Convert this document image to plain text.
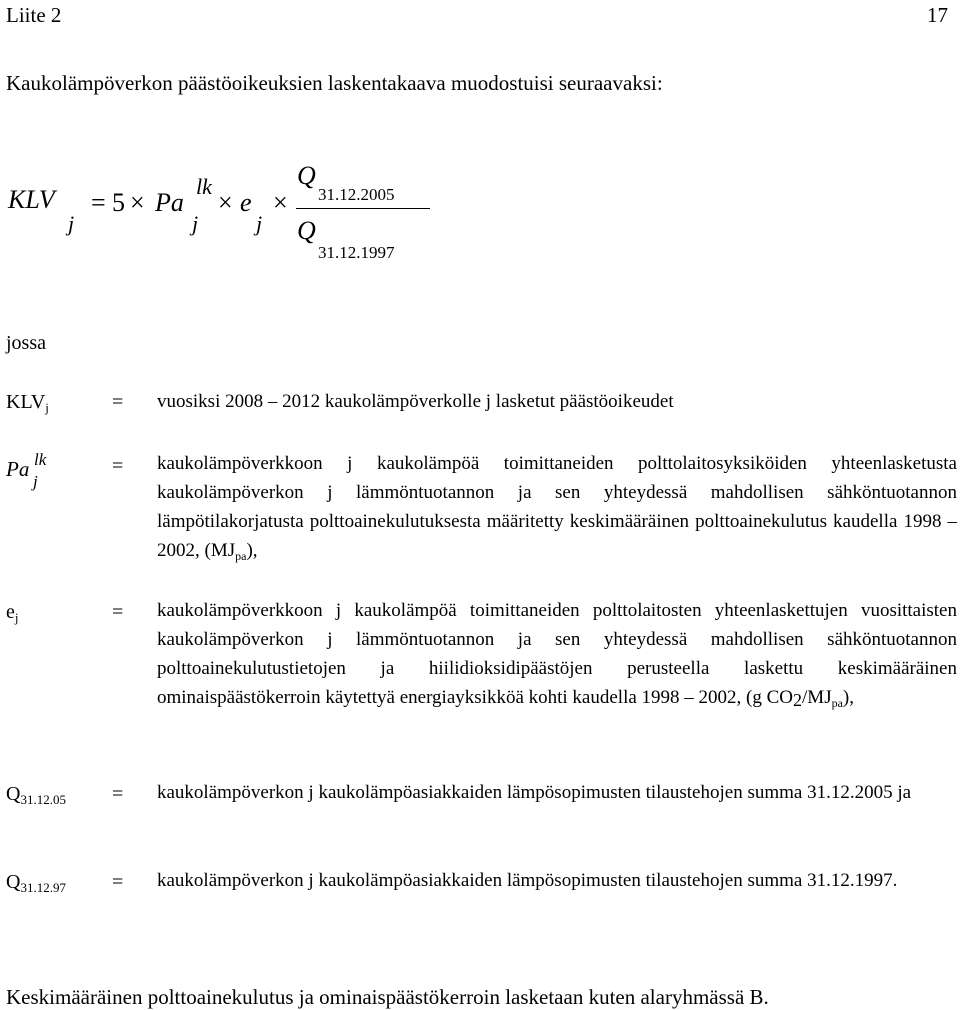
Liite 2	17
Kaukolämpöverkon päästöoikeuksien laskentakaava muodostuisi seuraavaksi:
KLV
j
= 5 × Pa
lk
j
× e
j
×
Q
31.12.2005
Q
31.12.1997
jossa
$KLV_j$	= vuosiksi 2008 – 2012 kaukolämpöverkolle j lasketut päästöoikeudet
Pa lk
j
= kaukolämpöverkkoon j kaukolämpöä toimittaneiden polttolaitosyksiköiden yhteenlasketusta kaukolämpöverkon j lämmöntuotannon ja sen yhteydessä mahdollisen sähköntuotannon lämpötilakorjatusta polttoainekulutuksesta määritetty keskimääräinen polttoainekulutus kaudella 1998 – 2002, $(MJ_{pa})$,
$e_j$	= kaukolämpöverkkoon j kaukolämpöä toimittaneiden polttolaitosten yhteenlaskettujen vuosittaisten kaukolämpöverkon j lämmöntuotannon ja sen yhteydessä mahdollisen sähköntuotannon polttoainekulutustietojen ja hiilidioksidipäästöjen perusteella laskettu keskimääräinen ominaispäästökerroin käytettyä energiayksikköä kohti kaudella 1998 – 2002, (g $CO2/MJ_{pa}$),
$Q_{31.12.05}$ = kaukolämpöverkon j kaukolämpöasiakkaiden lämpösopimusten tilaustehojen summa 31.12.2005 ja
$Q_{31.12.97}$ = kaukolämpöverkon j kaukolämpöasiakkaiden lämpösopimusten tilaustehojen summa 31.12.1997.
Keskimääräinen polttoainekulutus ja ominaispäästökerroin lasketaan kuten alaryhmässä B.
